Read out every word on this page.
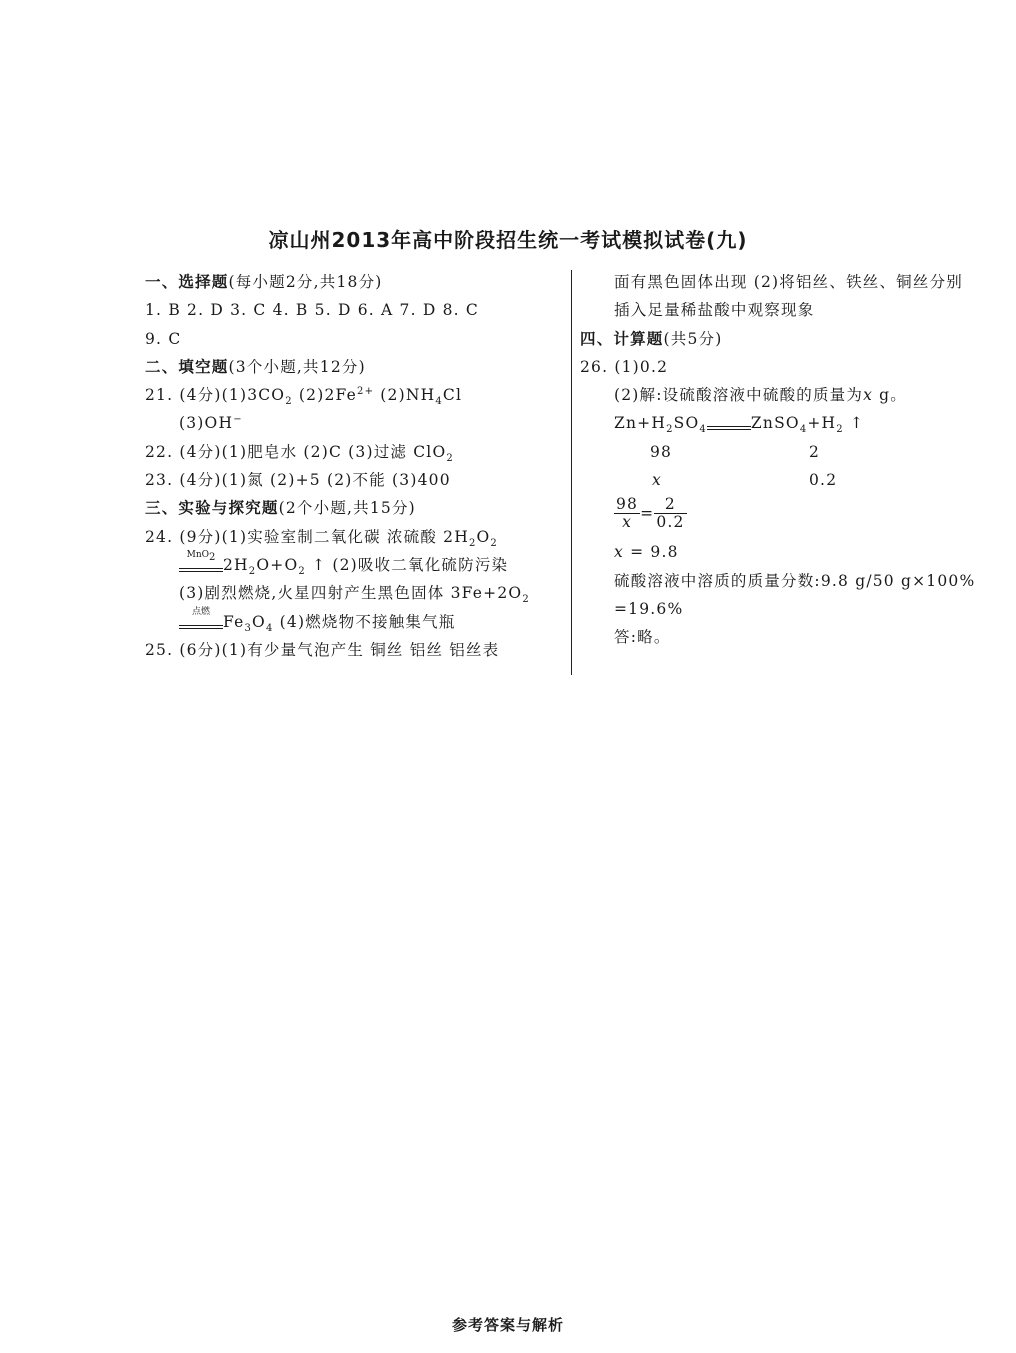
凉山州2013年高中阶段招生统一考试模拟试卷(九)
一、选择题(每小题2分,共18分)
1. B 2. D 3. C 4. B 5. D 6. A 7. D 8. C
9. C
二、填空题(3个小题,共12分)
21. (4分)$(1)3CO_2$ $(2)2Fe^{2+}$ $(2)NH_4Cl$
(3)OH−
22. (4分)(1)肥皂水 (2)C (3)过滤 ClO$_2$
23. (4分)(1)氮 (2)+5 (2)不能 (3)400
三、实验与探究题(2个小题,共15分)
24. (9分)(1)实验室制二氧化碳 浓硫酸 $2H_2O_2$
MnO$_2$ $2H_2O+O_2$ ↑ (2)吸收二氧化硫防污染
(3)剧烈燃烧,火星四射产生黑色固体 $3Fe+2O_2$
点燃
$Fe_3O_4$ (4)燃烧物不接触集气瓶
25. (6分)(1)有少量气泡产生 铜丝 铝丝 铝丝表
面有黑色固体出现 (2)将铝丝、铁丝、铜丝分别
插入足量稀盐酸中观察现象
四、计算题(共5分)
26. (1)0.2
(2)解:设硫酸溶液中硫酸的质量为x g。
$Zn+H_2SO_4$	$ZnSO_4+H_2$ ↑
98	2
x	0.2
$\frac{98}{x} = \frac{2}{0.2}$
x = 9.8
硫酸溶液中溶质的质量分数:9.8 g/50 g×100%
=19.6%
答:略。
参考答案与解析
